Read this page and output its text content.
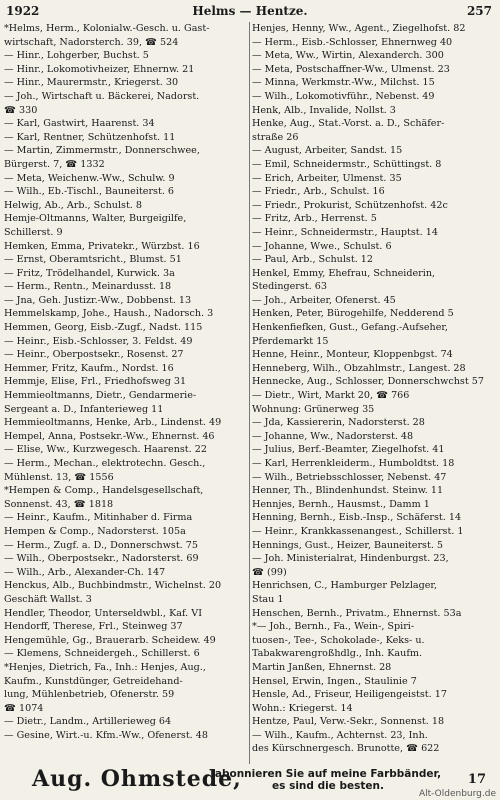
1922	Helms — Hentze.	257
*Helms, Herm., Kolonialw.-Gesch. u. Gast-
wirtschaft, Nadorsterch. 39, ☎ 524
— Hinr., Lohgerber, Buchst. 5
— Hinr., Lokomotivheizer, Ehnernw. 21
— Hinr., Maurermstr., Kriegerst. 30
— Joh., Wirtschaft u. Bäckerei, Nadorst.
☎ 330
— Karl, Gastwirt, Haarenst. 34
— Karl, Rentner, Schützenhofst. 11
— Martin, Zimmermstr., Donnerschwee,
Bürgerst. 7, ☎ 1332
— Meta, Weichenw.-Ww., Schulw. 9
— Wilh., Eb.-Tischl., Bauneiterst. 6
Helwig, Ab., Arb., Schulst. 8
Hemje-Oltmanns, Walter, Burgeigilfe,
Schillerst. 9
Hemken, Emma, Privatekr., Würzbst. 16
— Ernst, Oberamtsricht., Blumst. 51
— Fritz, Trödelhandel, Kurwick. 3a
— Herm., Rentn., Meinardusst. 18
— Jna, Geh. Justizr.-Ww., Dobbenst. 13
Hemmelskamp, Johe., Haush., Nadorsch. 3
Hemmen, Georg, Eisb.-Zugf., Nadst. 115
— Heinr., Eisb.-Schlosser, 3. Feldst. 49
— Heinr., Oberpostsekr., Rosenst. 27
Hemmer, Fritz, Kaufm., Nordst. 16
Hemmje, Elise, Frl., Friedhofsweg 31
Hemmieoltmanns, Dietr., Gendarmerie-
Sergeant a. D., Infanterieweg 11
Hemmieoltmanns, Henke, Arb., Lindenst. 49
Hempel, Anna, Postsekr.-Ww., Ehnernst. 46
— Elise, Ww., Kurzwegesch. Haarenst. 22
— Herm., Mechan., elektrotechn. Gesch.,
Mühlenst. 13, ☎ 1556
*Hempen & Comp., Handelsgesellschaft,
Sonnenst. 43, ☎ 1818
— Heinr., Kaufm., Mitinhaber d. Firma
Hempen & Comp., Nadorsterst. 105a
— Herm., Zugf. a. D., Donnerschwst. 75
— Wilh., Oberpostsekr., Nadorsterst. 69
— Wilh., Arb., Alexander-Ch. 147
Henckus, Alb., Buchbindmstr., Wichelnst. 20
Geschäft Wallst. 3
Hendler, Theodor, Unterseldwbl., Kaf. VI
Hendorff, Therese, Frl., Steinweg 37
Hengemühle, Gg., Brauerarb. Scheidew. 49
— Klemens, Schneidergeh., Schillerst. 6
*Henjes, Dietrich, Fa., Inh.: Henjes, Aug.,
Kaufm., Kunstdünger, Getreidehand-
lung, Mühlenbetrieb, Ofenerstr. 59
☎ 1074
— Dietr., Landm., Artillerieweg 64
— Gesine, Wirt.-u. Kfm.-Ww., Ofenerst. 48
Henjes, Henny, Ww., Agent., Ziegelhofst. 82
— Herm., Eisb.-Schlosser, Ehnernweg 40
— Meta, Ww., Wirtin, Alexanderch. 300
— Meta, Postschaffner-Ww., Ulmenst. 23
— Minna, Werkmstr.-Ww., Milchst. 15
— Wilh., Lokomotivführ., Nebenst. 49
Henk, Alb., Invalide, Nollst. 3
Henke, Aug., Stat.-Vorst. a. D., Schäfer-
straße 26
— August, Arbeiter, Sandst. 15
— Emil, Schneidermstr., Schüttingst. 8
— Erich, Arbeiter, Ulmenst. 35
— Friedr., Arb., Schulst. 16
— Friedr., Prokurist, Schützenhofst. 42c
— Fritz, Arb., Herrenst. 5
— Heinr., Schneidermstr., Hauptst. 14
— Johanne, Wwe., Schulst. 6
— Paul, Arb., Schulst. 12
Henkel, Emmy, Ehefrau, Schneiderin,
Stedingerst. 63
— Joh., Arbeiter, Ofenerst. 45
Henken, Peter, Bürogehilfe, Nedderend 5
Henkenfiefken, Gust., Gefang.-Aufseher,
Pferdemarkt 15
Henne, Heinr., Monteur, Kloppenbgst. 74
Henneberg, Wilh., Obzahlmstr., Langest. 28
Hennecke, Aug., Schlosser, Donnerschwchst 57
— Dietr., Wirt, Markt 20, ☎ 766
Wohnung: Grünerweg 35
— Jda, Kassiererin, Nadorsterst. 28
— Johanne, Ww., Nadorsterst. 48
— Julius, Berf.-Beamter, Ziegelhofst. 41
— Karl, Herrenkleiderm., Humboldtst. 18
— Wilh., Betriebsschlosser, Nebenst. 47
Henner, Th., Blindenhundst. Steinw. 11
Hennjes, Bernh., Hausmst., Damm 1
Henning, Bernh., Eisb.-Insp., Schäferst. 14
— Heinr., Krankkassenangest., Schillerst. 1
Hennings, Gust., Heizer, Bauneiterst. 5
— Joh. Ministerialrat, Hindenburgst. 23,
☎ (99)
Henrichsen, C., Hamburger Pelzlager,
Stau 1
Henschen, Bernh., Privatm., Ehnernst. 53a
*— Joh., Bernh., Fa., Wein-, Spiri-
tuosen-, Tee-, Schokolade-, Keks- u.
Tabakwarengroßhdlg., Inh. Kaufm.
Martin Janßen, Ehnernst. 28
Hensel, Erwin, Ingen., Staulinie 7
Hensle, Ad., Friseur, Heiligengeistst. 17
Wohn.: Kriegerst. 14
Hentze, Paul, Verw.-Sekr., Sonnenst. 18
— Wilh., Kaufm., Achternst. 23, Inh.
des Kürschnergesch. Brunotte, ☎ 622
Aug. Ohmstede,
abonnieren Sie auf meine Farbbänder,
es sind die besten.	17
Alt-Oldenburg.de
